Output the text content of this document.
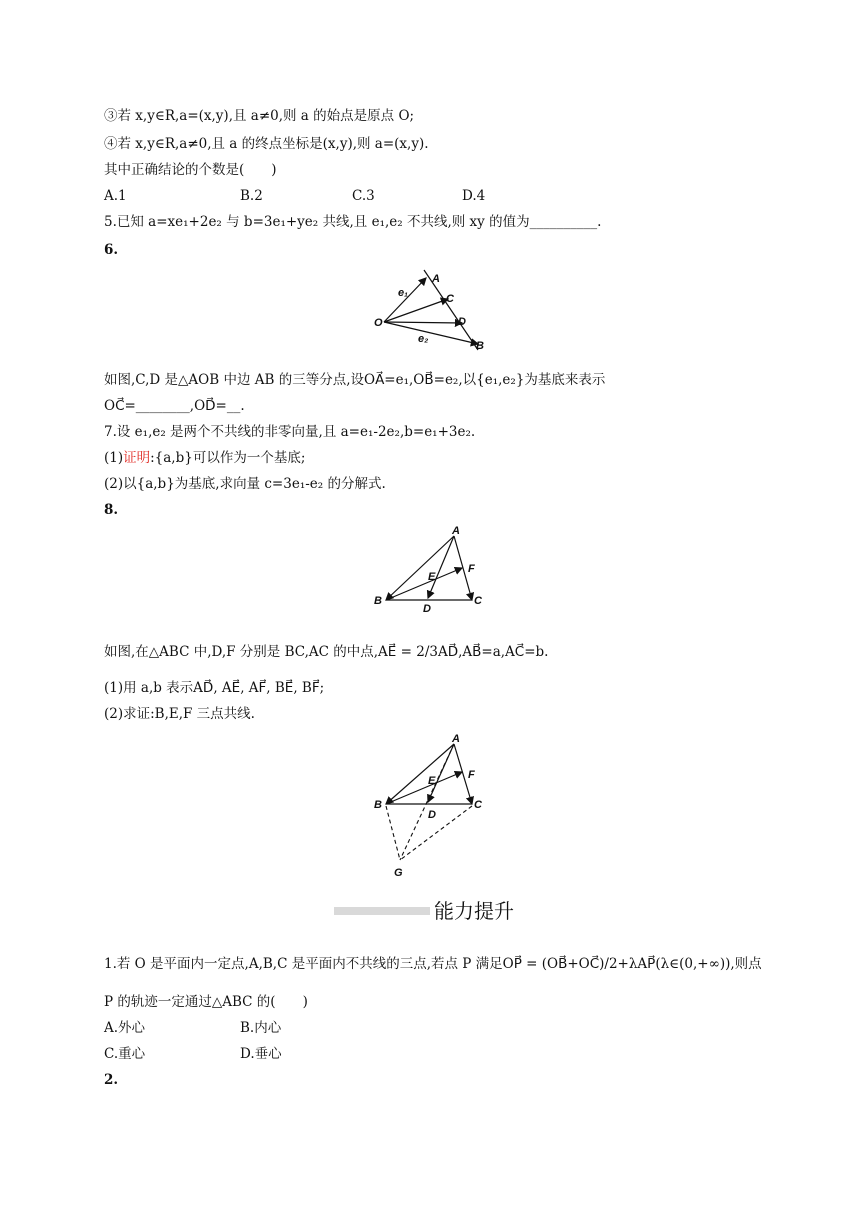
③若 x,y∈R,a=(x,y),且 a≠0,则 a 的始点是原点 O;
④若 x,y∈R,a≠0,且 a 的终点坐标是(x,y),则 a=(x,y).
其中正确结论的个数是(　　)
A.1	B.2	C.3	D.4
5.已知 a=xe₁+2e₂ 与 b=3e₁+ye₂ 共线,且 e₁,e₂ 不共线,则 xy 的值为__________.
6.
O
A
C
D
B
e₁
e₂
如图,C,D 是△AOB 中边 AB 的三等分点,设OA⃗=e₁,OB⃗=e₂,以{e₁,e₂}为基底来表示
OC⃗=________,OD⃗=__.
7.设 e₁,e₂ 是两个不共线的非零向量,且 a=e₁-2e₂,b=e₁+3e₂.
(1)证明:{a,b}可以作为一个基底;
(2)以{a,b}为基底,求向量 c=3e₁-e₂ 的分解式.
8.
A
B	C
D
E
F
如图,在△ABC 中,D,F 分别是 BC,AC 的中点,AE⃗ = 2/3AD⃗,AB⃗=a,AC⃗=b.
(1)用 a,b 表示AD⃗, AE⃗, AF⃗, BE⃗, BF⃗;
(2)求证:B,E,F 三点共线.
A
B	C
D
E	F
G
能力提升
1.若 O 是平面内一定点,A,B,C 是平面内不共线的三点,若点 P 满足OP⃗ = (OB⃗+OC⃗)/2+λAP⃗(λ∈(0,+∞)),则点
P 的轨迹一定通过△ABC 的(　　)
A.外心	B.内心
C.重心	D.垂心
2.
